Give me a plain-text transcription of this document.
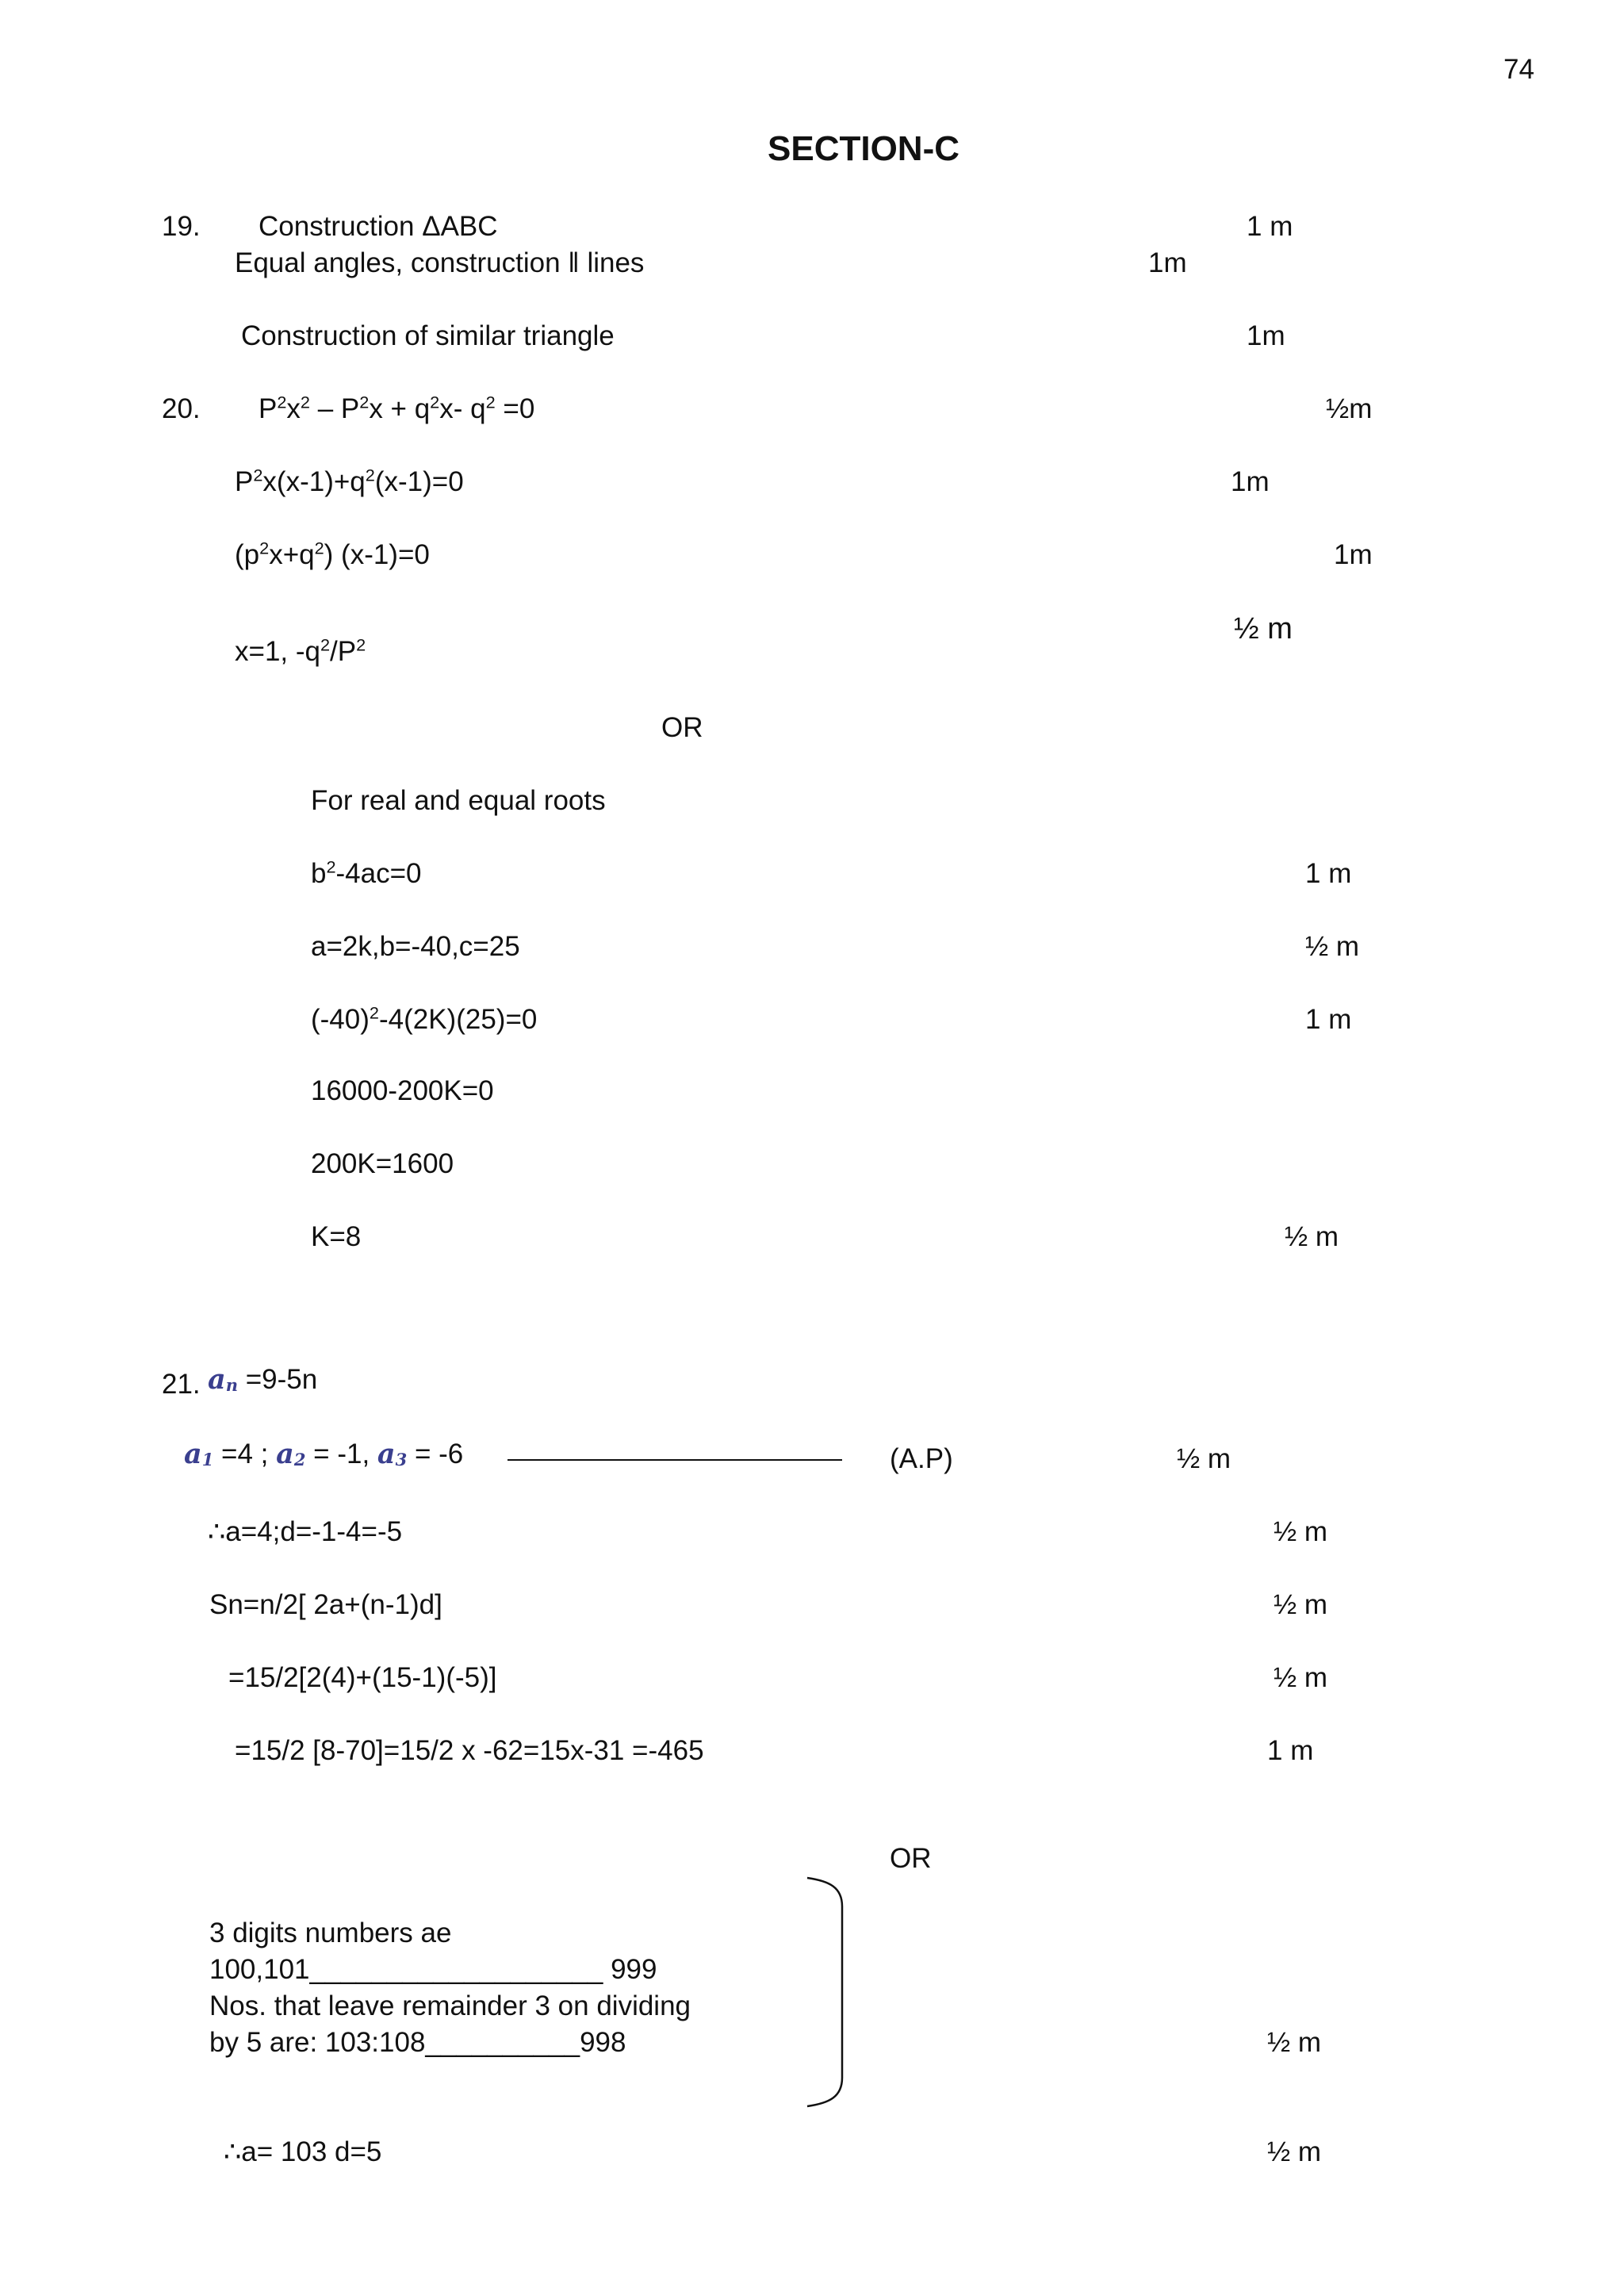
74
SECTION-C
19. Construction ΔABC	1 m
Equal angles, construction ‖ lines	1m
Construction of similar triangle	1m
20. $P^2x^2 - P^2x + q^2x-$ $q^2 =0$	½m
$P^2x(x-1)+q^2(x-1)=0$	1m
$(p^2x+q^2)$ (x-1)=0	1m
x=1, $-q^2/P^2$	½ m
OR
For real and equal roots
$b^2-4ac=0$	1 m
a=2k,b=-40,c=25	½ m
$(-40)^2-4(2K)(25)=0$	1 m
16000-200K=0
200K=1600
K=8	½ m
21. an =9-5n
a1 =4 ; a2 = -1, a3 = -6	(A.P)	½ m
∴a=4;d=-1-4=-5	½ m
Sn=n/2[ 2a+(n-1)d]	½ m
=15/2[2(4)+(15-1)(-5)]	½ m
=15/2 [8-70]=15/2 x -62=15x-31 =-465	1 m
OR
3 digits numbers ae
100,101___________________ 999
Nos. that leave remainder 3 on dividing
by 5 are: 103:108__________998	½ m
∴a= 103 d=5	½ m
